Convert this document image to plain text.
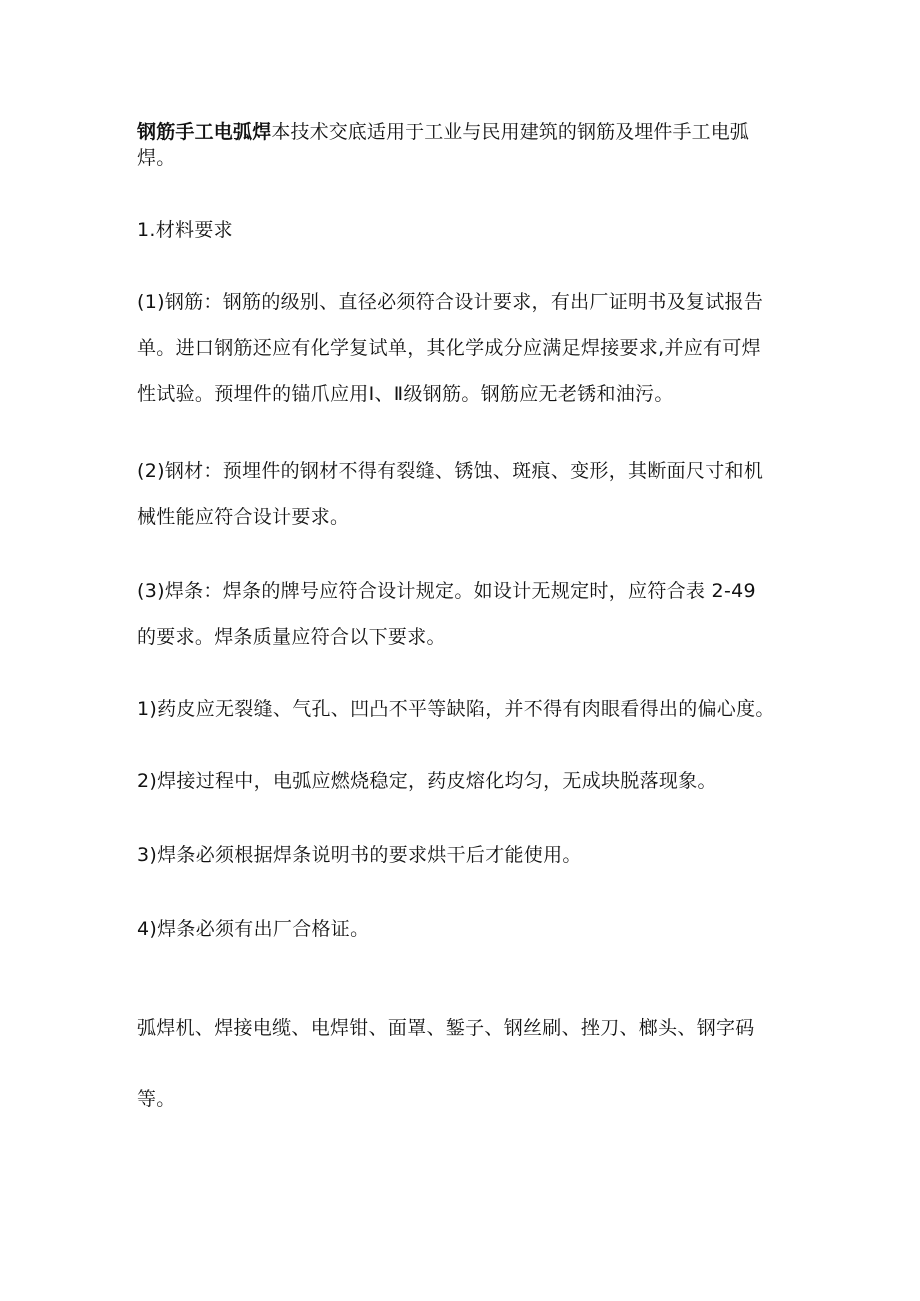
钢筋手工电弧焊本技术交底适用于工业与民用建筑的钢筋及埋件手工电弧
焊。
1.材料要求
(1)钢筋：钢筋的级别、直径必须符合设计要求，有出厂证明书及复试报告
单。进口钢筋还应有化学复试单，其化学成分应满足焊接要求,并应有可焊
性试验。预埋件的锚爪应用Ⅰ、Ⅱ级钢筋。钢筋应无老锈和油污。
(2)钢材：预埋件的钢材不得有裂缝、锈蚀、斑痕、变形，其断面尺寸和机
械性能应符合设计要求。
(3)焊条：焊条的牌号应符合设计规定。如设计无规定时，应符合表 2-49
的要求。焊条质量应符合以下要求。
1)药皮应无裂缝、气孔、凹凸不平等缺陷，并不得有肉眼看得出的偏心度。
2)焊接过程中，电弧应燃烧稳定，药皮熔化均匀，无成块脱落现象。
3)焊条必须根据焊条说明书的要求烘干后才能使用。
4)焊条必须有出厂合格证。
弧焊机、焊接电缆、电焊钳、面罩、錾子、钢丝刷、挫刀、榔头、钢字码
等。
